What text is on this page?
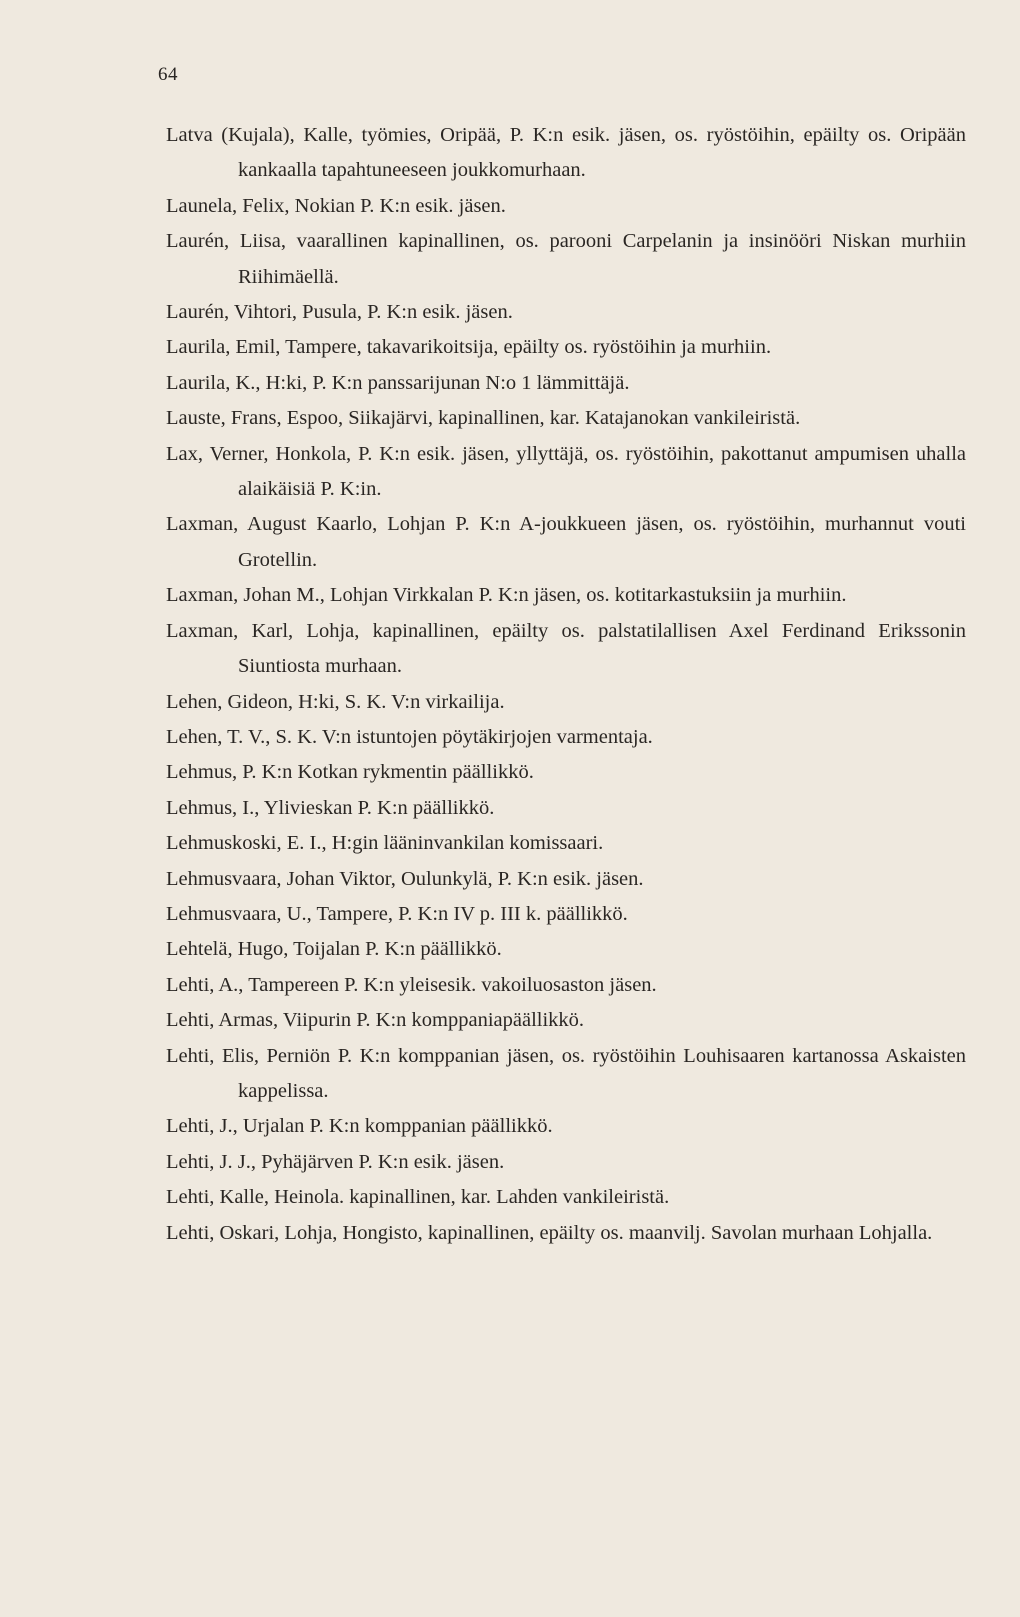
64

Latva (Kujala), Kalle, työmies, Oripää, P. K:n esik. jäsen, os. ryöstöihin, epäilty os. Oripään kankaalla tapahtuneeseen joukkomurhaan.

Launela, Felix, Nokian P. K:n esik. jäsen.

Laurén, Liisa, vaarallinen kapinallinen, os. parooni Carpelanin ja insinööri Niskan murhiin Riihimäellä.

Laurén, Vihtori, Pusula, P. K:n esik. jäsen.

Laurila, Emil, Tampere, takavarikoitsija, epäilty os. ryöstöihin ja murhiin.

Laurila, K., H:ki, P. K:n panssarijunan N:o 1 lämmittäjä.

Lauste, Frans, Espoo, Siikajärvi, kapinallinen, kar. Katajanokan vankileiristä.

Lax, Verner, Honkola, P. K:n esik. jäsen, yllyttäjä, os. ryöstöihin, pakottanut ampumisen uhalla alaikäisiä P. K:in.

Laxman, August Kaarlo, Lohjan P. K:n A-joukkueen jäsen, os. ryöstöihin, murhannut vouti Grotellin.

Laxman, Johan M., Lohjan Virkkalan P. K:n jäsen, os. kotitarkastuksiin ja murhiin.

Laxman, Karl, Lohja, kapinallinen, epäilty os. palstatilallisen Axel Ferdinand Erikssonin Siuntiosta murhaan.

Lehen, Gideon, H:ki, S. K. V:n virkailija.

Lehen, T. V., S. K. V:n istuntojen pöytäkirjojen varmentaja.

Lehmus, P. K:n Kotkan rykmentin päällikkö.

Lehmus, I., Ylivieskan P. K:n päällikkö.

Lehmuskoski, E. I., H:gin lääninvankilan komissaari.

Lehmusvaara, Johan Viktor, Oulunkylä, P. K:n esik. jäsen.

Lehmusvaara, U., Tampere, P. K:n IV p. III k. päällikkö.

Lehtelä, Hugo, Toijalan P. K:n päällikkö.

Lehti, A., Tampereen P. K:n yleisesik. vakoiluosaston jäsen.

Lehti, Armas, Viipurin P. K:n komppaniapäällikkö.

Lehti, Elis, Perniön P. K:n komppanian jäsen, os. ryöstöihin Louhisaaren kartanossa Askaisten kappelissa.

Lehti, J., Urjalan P. K:n komppanian päällikkö.

Lehti, J. J., Pyhäjärven P. K:n esik. jäsen.

Lehti, Kalle, Heinola. kapinallinen, kar. Lahden vankileiristä.

Lehti, Oskari, Lohja, Hongisto, kapinallinen, epäilty os. maanvilj. Savolan murhaan Lohjalla.
